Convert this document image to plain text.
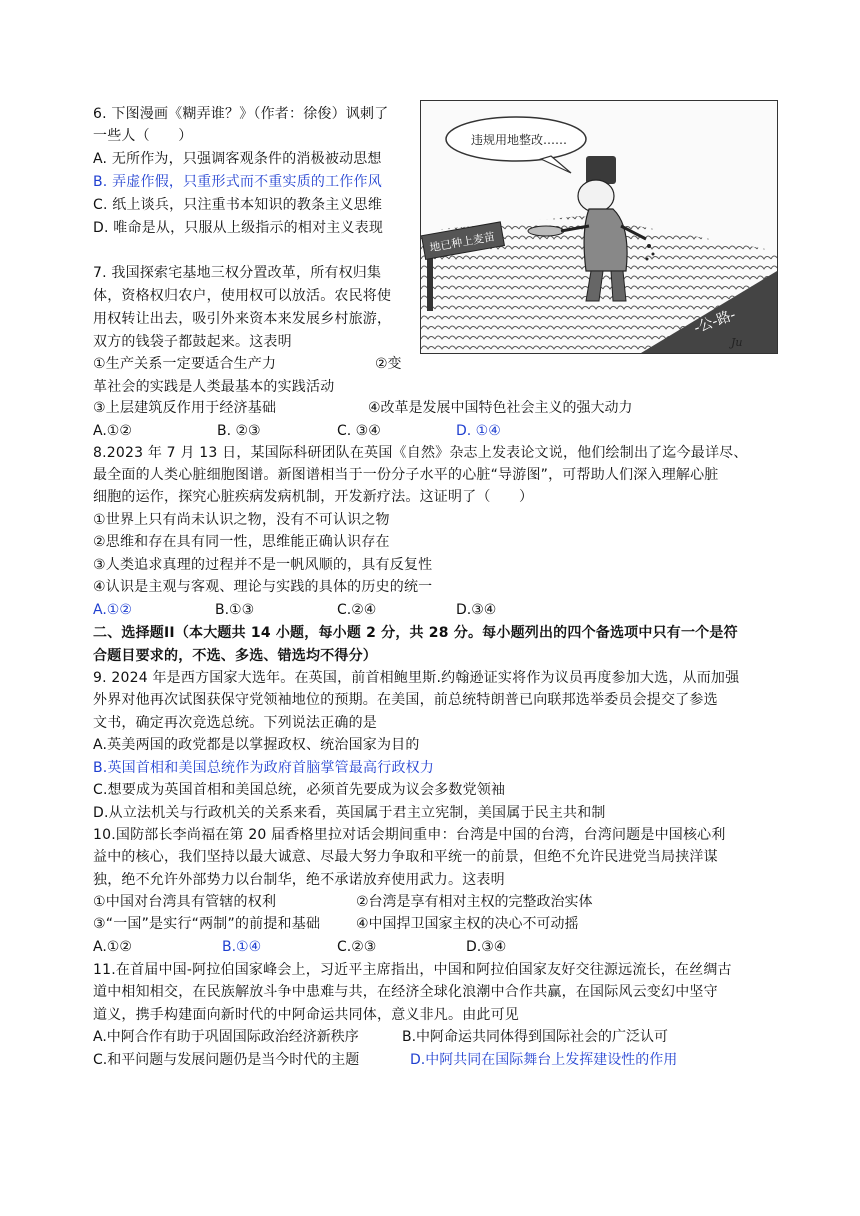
6. 下图漫画《糊弄谁？》（作者：徐俊）讽刺了
一些人（　　）
A. 无所作为，只强调客观条件的消极被动思想
B. 弄虚作假，只重形式而不重实质的工作作风
C. 纸上谈兵，只注重书本知识的教条主义思维
D. 唯命是从，只服从上级指示的相对主义表现
-公-路-
违规用地整改……
地已种上麦苗
Ju
7. 我国探索宅基地三权分置改革，所有权归集
体，资格权归农户，使用权可以放活。农民将使
用权转让出去，吸引外来资本来发展乡村旅游，
双方的钱袋子都鼓起来。这表明
①生产关系一定要适合生产力	②变
革社会的实践是人类最基本的实践活动
③上层建筑反作用于经济基础	④改革是发展中国特色社会主义的强大动力
A.①②	B. ②③	C. ③④	D. ①④
8.2023 年 7 月 13 日，某国际科研团队在英国《自然》杂志上发表论文说，他们绘制出了迄今最详尽、
最全面的人类心脏细胞图谱。新图谱相当于一份分子水平的心脏“导游图”，可帮助人们深入理解心脏
细胞的运作，探究心脏疾病发病机制，开发新疗法。这证明了（　　）
①世界上只有尚未认识之物，没有不可认识之物
②思维和存在具有同一性，思维能正确认识存在
③人类追求真理的过程并不是一帆风顺的，具有反复性
④认识是主观与客观、理论与实践的具体的历史的统一
A.①②	B.①③	C.②④	D.③④
二、选择题II（本大题共 14 小题，每小题 2 分，共 28 分。每小题列出的四个备选项中只有一个是符
合题目要求的，不选、多选、错选均不得分）
9. 2024 年是西方国家大选年。在英国，前首相鲍里斯.约翰逊证实将作为议员再度参加大选，从而加强
外界对他再次试图获保守党领袖地位的预期。在美国，前总统特朗普已向联邦选举委员会提交了参选
文书，确定再次竞选总统。下列说法正确的是
A.英美两国的政党都是以掌握政权、统治国家为目的
B.英国首相和美国总统作为政府首脑掌管最高行政权力
C.想要成为英国首相和美国总统，必须首先要成为议会多数党领袖
D.从立法机关与行政机关的关系来看，英国属于君主立宪制，美国属于民主共和制
10.国防部长李尚福在第 20 届香格里拉对话会期间重申：台湾是中国的台湾，台湾问题是中国核心利
益中的核心，我们坚持以最大诚意、尽最大努力争取和平统一的前景，但绝不允许民进党当局挟洋谋
独，绝不允许外部势力以台制华，绝不承诺放弃使用武力。这表明
①中国对台湾具有管辖的权利	②台湾是享有相对主权的完整政治实体
③“一国”是实行“两制”的前提和基础	④中国捍卫国家主权的决心不可动摇
A.①②	B.①④	C.②③	D.③④
11.在首届中国-阿拉伯国家峰会上，习近平主席指出，中国和阿拉伯国家友好交往源远流长，在丝绸古
道中相知相交，在民族解放斗争中患难与共，在经济全球化浪潮中合作共赢，在国际风云变幻中坚守
道义，携手构建面向新时代的中阿命运共同体，意义非凡。由此可见
A.中阿合作有助于巩固国际政治经济新秩序	B.中阿命运共同体得到国际社会的广泛认可
C.和平问题与发展问题仍是当今时代的主题	D.中阿共同在国际舞台上发挥建设性的作用
